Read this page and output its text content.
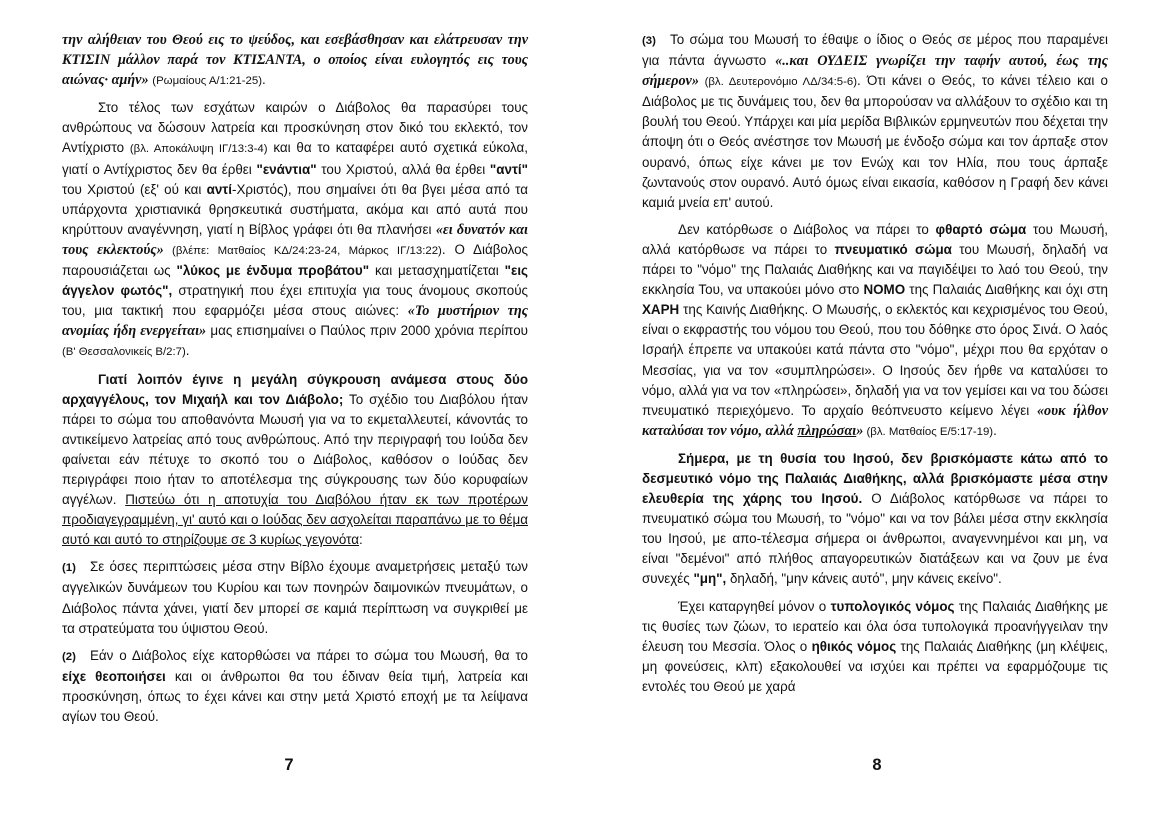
την αλήθειαν του Θεού εις το ψεύδος, και εσεβάσθησαν και ελάτρευσαν την ΚΤΙΣΙΝ μάλλον παρά τον ΚΤΙΣΑΝΤΑ, ο οποίος είναι ευλογητός εις τους αιώνας· αμήν» (Ρωμαίους Α/1:21-25).

Στο τέλος των εσχάτων καιρών ο Διάβολος θα παρασύρει τους ανθρώπους να δώσουν λατρεία και προσκύνηση στον δικό του εκλεκτό, τον Αντίχριστο (βλ. Αποκάλυψη ΙΓ/13:3-4) και θα το καταφέρει αυτό σχετικά εύκολα, γιατί ο Αντίχριστος δεν θα έρθει "ενάντια" του Χριστού, αλλά θα έρθει "αντί" του Χριστού (εξ' ού και αντί-Χριστός), που σημαίνει ότι θα βγει μέσα από τα υπάρχοντα χριστιανικά θρησκευτικά συστήματα, ακόμα και από αυτά που κηρύττουν αναγέννηση, γιατί η Βίβλος γράφει ότι θα πλανήσει «ει δυνατόν και τους εκλεκτούς» (βλέπε: Ματθαίος ΚΔ/24:23-24, Μάρκος ΙΓ/13:22). Ο Διάβολος παρουσιάζεται ως "λύκος με ένδυμα προβάτου" και μετασχηματίζεται "εις άγγελον φωτός", στρατηγική που έχει επιτυχία για τους άνομους σκοπούς του, μια τακτική που εφαρμόζει μέσα στους αιώνες: «Το μυστήριον της ανομίας ήδη ενεργείται» μας επισημαίνει ο Παύλος πριν 2000 χρόνια περίπου (Β' Θεσσαλονικείς Β/2:7).

Γιατί λοιπόν έγινε η μεγάλη σύγκρουση ανάμεσα στους δύο αρχαγγέλους, τον Μιχαήλ και τον Διάβολο; Το σχέδιο του Διαβόλου ήταν πάρει το σώμα του αποθανόντα Μωυσή για να το εκμεταλλευτεί, κάνοντάς το αντικείμενο λατρείας από τους ανθρώπους. Από την περιγραφή του Ιούδα δεν φαίνεται εάν πέτυχε το σκοπό του ο Διάβολος, καθόσον ο Ιούδας δεν περιγράφει ποιο ήταν το αποτέλεσμα της σύγκρουσης των δύο κορυφαίων αγγέλων. Πιστεύω ότι η αποτυχία του Διαβόλου ήταν εκ των προτέρων προδιαγεγραμμένη, γι' αυτό και ο Ιούδας δεν ασχολείται παραπάνω με το θέμα αυτό και αυτό το στηρίζουμε σε 3 κυρίως γεγονότα:

(1) Σε όσες περιπτώσεις μέσα στην Βίβλο έχουμε αναμετρήσεις μεταξύ των αγγελικών δυνάμεων του Κυρίου και των πονηρών δαιμονικών πνευμάτων, ο Διάβολος πάντα χάνει, γιατί δεν μπορεί σε καμιά περίπτωση να συγκριθεί με τα στρατεύματα του ύψιστου Θεού.

(2) Εάν ο Διάβολος είχε κατορθώσει να πάρει το σώμα του Μωυσή, θα το είχε θεοποιήσει και οι άνθρωποι θα του έδιναν θεία τιμή, λατρεία και προσκύνηση, όπως το έχει κάνει και στην μετά Χριστό εποχή με τα λείψανα αγίων του Θεού.

7

(3) Το σώμα του Μωυσή το έθαψε ο ίδιος ο Θεός σε μέρος που παραμένει για πάντα άγνωστο «..και ΟΥΔΕΙΣ γνωρίζει την ταφήν αυτού, έως της σήμερον» (βλ. Δευτερονόμιο ΛΔ/34:5-6). Ότι κάνει ο Θεός, το κάνει τέλειο και ο Διάβολος με τις δυνάμεις του, δεν θα μπορούσαν να αλλάξουν το σχέδιο και τη βουλή του Θεού. Υπάρχει και μία μερίδα Βιβλικών ερμηνευτών που δέχεται την άποψη ότι ο Θεός ανέστησε τον Μωυσή με ένδοξο σώμα και τον άρπαξε στον ουρανό, όπως είχε κάνει με τον Ενώχ και τον Ηλία, που τους άρπαξε ζωντανούς στον ουρανό. Αυτό όμως είναι εικασία, καθόσον η Γραφή δεν κάνει καμιά μνεία επ' αυτού.

Δεν κατόρθωσε ο Διάβολος να πάρει το φθαρτό σώμα του Μωυσή, αλλά κατόρθωσε να πάρει το πνευματικό σώμα του Μωυσή, δηλαδή να πάρει το "νόμο" της Παλαιάς Διαθήκης και να παγιδέψει το λαό του Θεού, την εκκλησία Του, να υπακούει μόνο στο ΝΟΜΟ της Παλαιάς Διαθήκης και όχι στη ΧΑΡΗ της Καινής Διαθήκης. Ο Μωυσής, ο εκλεκτός και κεχρισμένος του Θεού, είναι ο εκφραστής του νόμου του Θεού, που του δόθηκε στο όρος Σινά. Ο λαός Ισραήλ έπρεπε να υπακούει κατά πάντα στο "νόμο", μέχρι που θα ερχόταν ο Μεσσίας, για να τον «συμπληρώσει». Ο Ιησούς δεν ήρθε να καταλύσει το νόμο, αλλά για να τον «πληρώσει», δηλαδή για να τον γεμίσει και να του δώσει πνευματικό περιεχόμενο. Το αρχαίο θεόπνευστο κείμενο λέγει «ουκ ήλθον καταλύσαι τον νόμο, αλλά πληρώσαι» (βλ. Ματθαίος Ε/5:17-19).

Σήμερα, με τη θυσία του Ιησού, δεν βρισκόμαστε κάτω από το δεσμευτικό νόμο της Παλαιάς Διαθήκης, αλλά βρισκόμαστε μέσα στην ελευθερία της χάρης του Ιησού. Ο Διάβολος κατόρθωσε να πάρει το πνευματικό σώμα του Μωυσή, το "νόμο" και να τον βάλει μέσα στην εκκλησία του Ιησού, με απο-τέλεσμα σήμερα οι άνθρωποι, αναγεννημένοι και μη, να είναι "δεμένοι" από πλήθος απαγορευτικών διατάξεων και να ζουν με ένα συνεχές "μη", δηλαδή, "μην κάνεις αυτό", μην κάνεις εκείνο".

Έχει καταργηθεί μόνον ο τυπολογικός νόμος της Παλαιάς Διαθήκης με τις θυσίες των ζώων, το ιερατείο και όλα όσα τυπολογικά προανήγγειλαν την έλευση του Μεσσία. Όλος ο ηθικός νόμος της Παλαιάς Διαθήκης (μη κλέψεις, μη φονεύσεις, κλπ) εξακολουθεί να ισχύει και πρέπει να εφαρμόζουμε τις εντολές του Θεού με χαρά

8
